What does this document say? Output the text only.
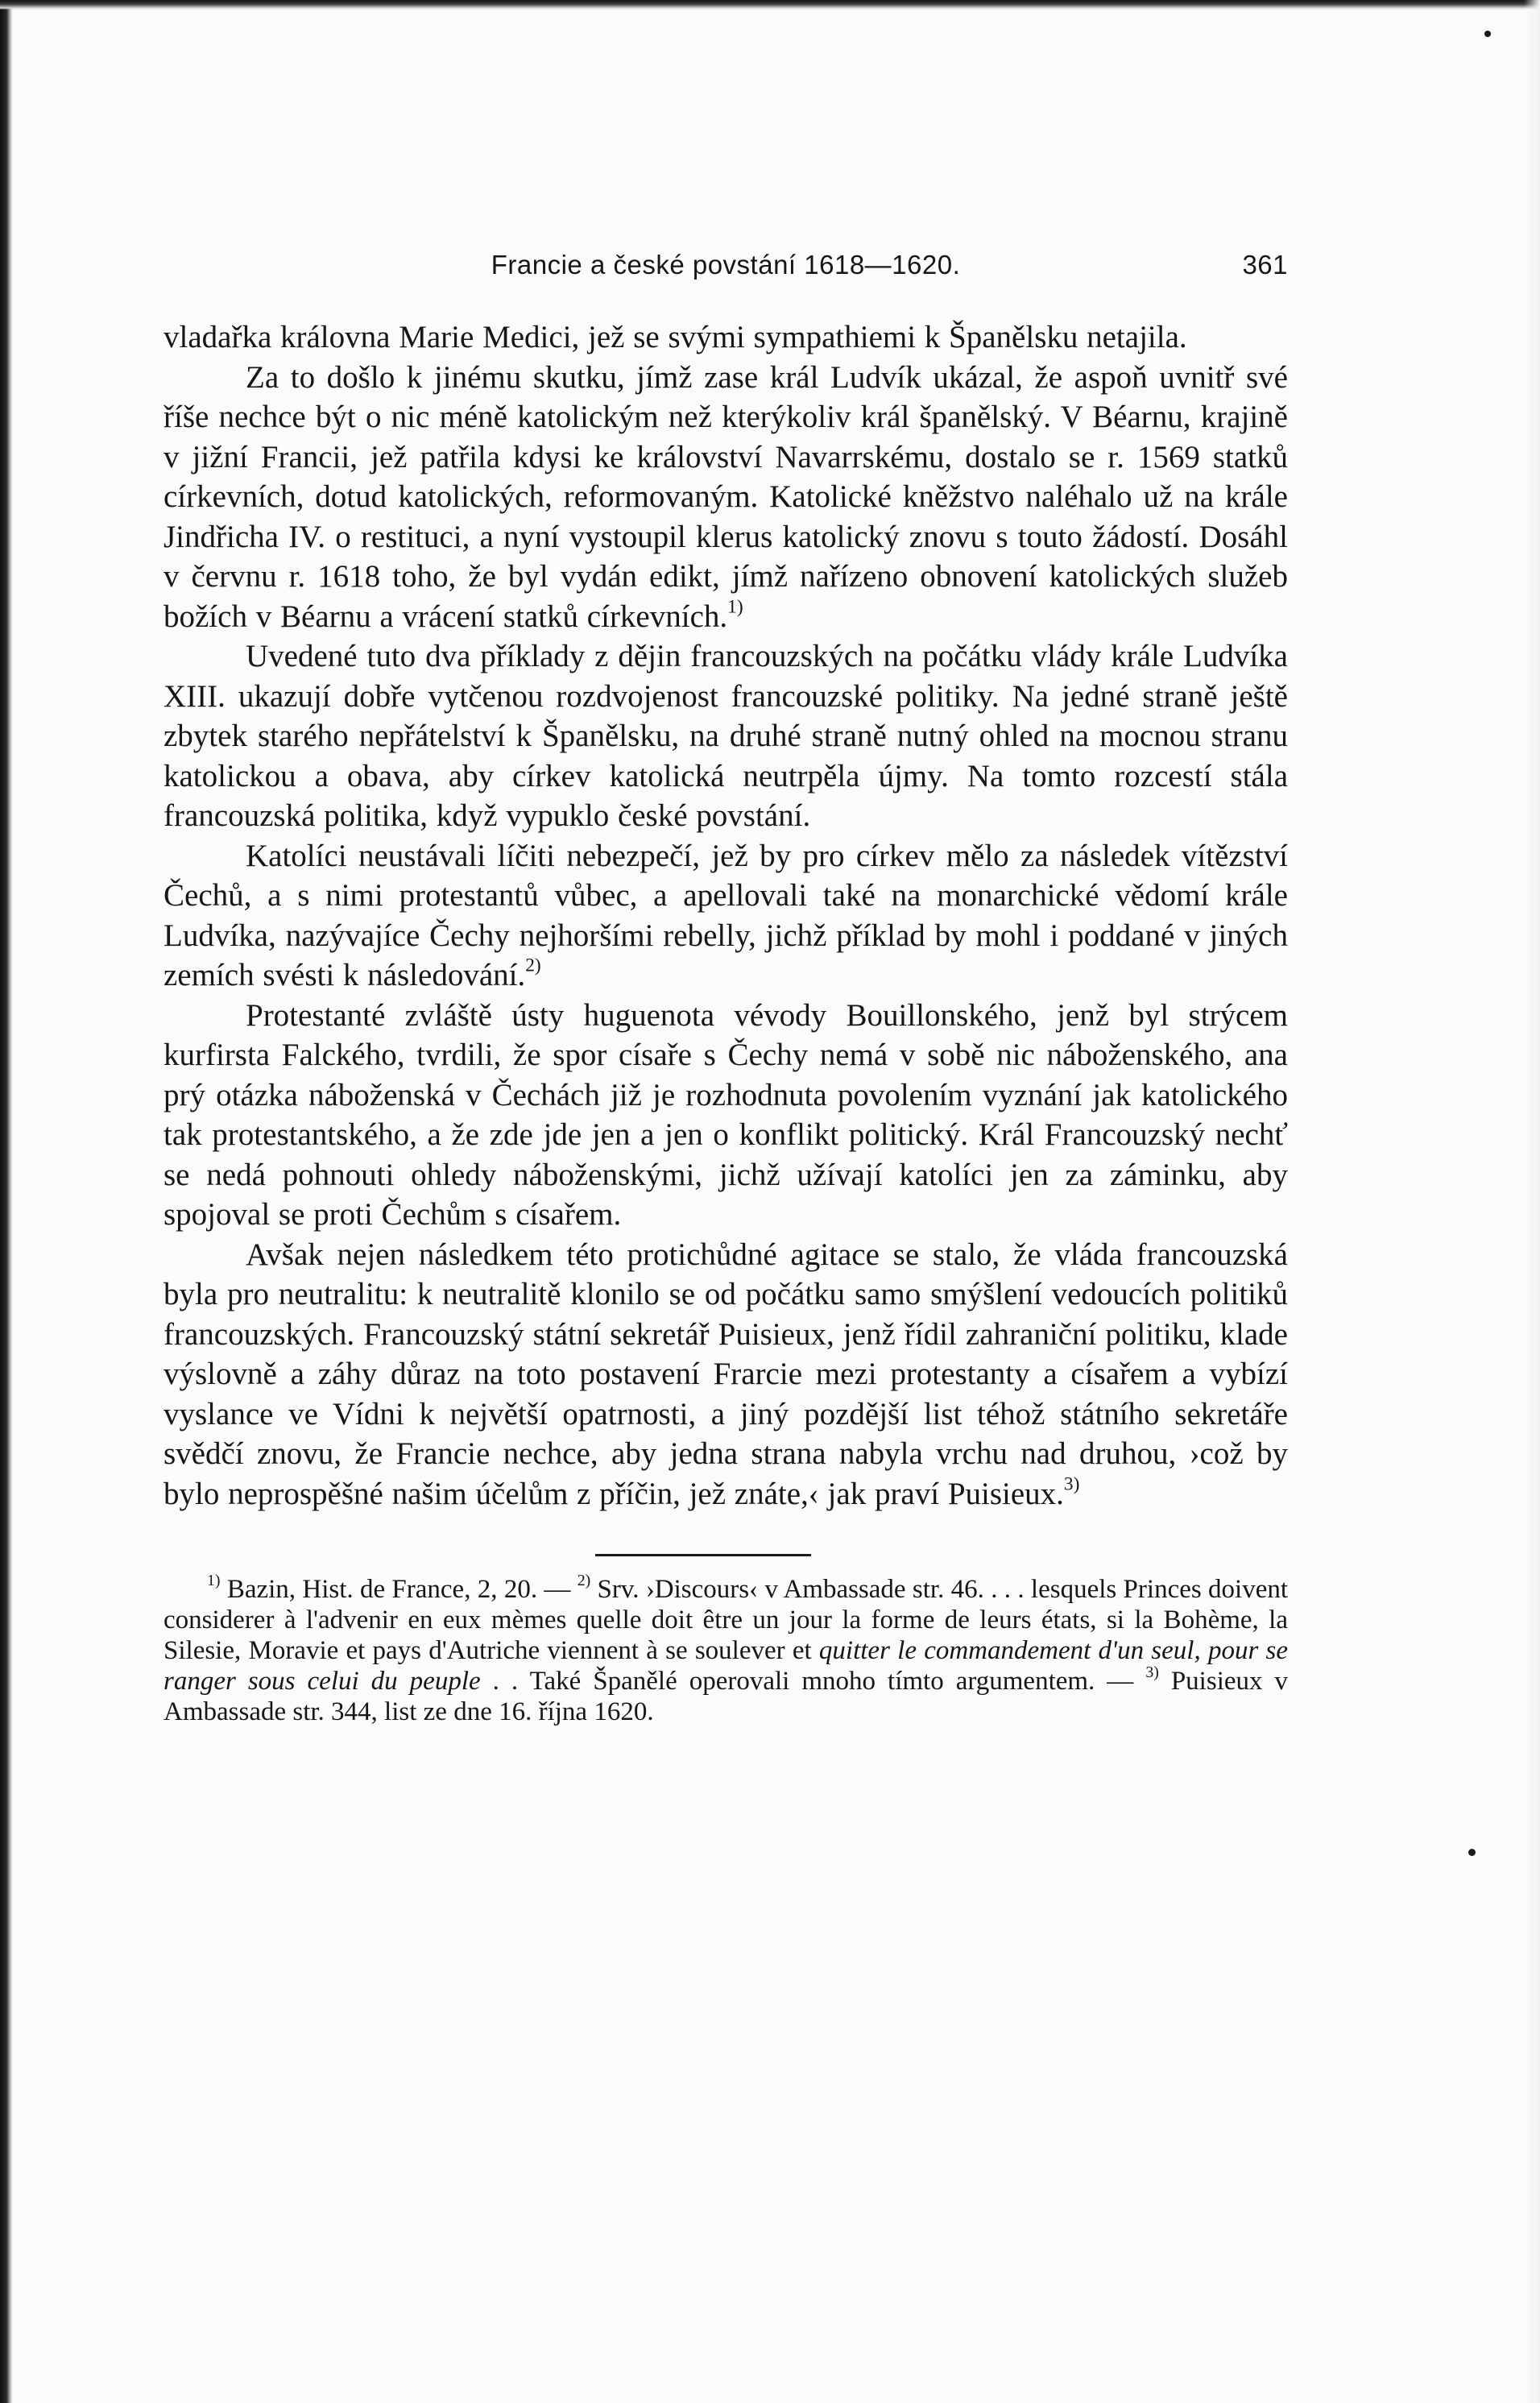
Francie a české povstání 1618—1620.	361

vladařka královna Marie Medici, jež se svými sympathiemi k Španělsku netajila.

Za to došlo k jinému skutku, jímž zase král Ludvík ukázal, že aspoň uvnitř své říše nechce být o nic méně katolickým než kterýkoliv král španělský. V Béarnu, krajině v jižní Francii, jež patřila kdysi ke království Navarrskému, dostalo se r. 1569 statků církevních, dotud katolických, reformovaným. Katolické kněžstvo naléhalo už na krále Jindřicha IV. o restituci, a nyní vystoupil klerus katolický znovu s touto žádostí. Dosáhl v červnu r. 1618 toho, že byl vydán edikt, jímž nařízeno obnovení katolických služeb božích v Béarnu a vrácení statků církevních.$^{1)}$

Uvedené tuto dva příklady z dějin francouzských na počátku vlády krále Ludvíka XIII. ukazují dobře vytčenou rozdvojenost francouzské politiky. Na jedné straně ještě zbytek starého nepřátelství k Španělsku, na druhé straně nutný ohled na mocnou stranu katolickou a obava, aby církev katolická neutrpěla újmy. Na tomto rozcestí stála francouzská politika, když vypuklo české povstání.

Katolíci neustávali líčiti nebezpečí, jež by pro církev mělo za následek vítězství Čechů, a s nimi protestantů vůbec, a apellovali také na monarchické vědomí krále Ludvíka, nazývajíce Čechy nejhoršími rebelly, jichž příklad by mohl i poddané v jiných zemích svésti k následování.$^{2)}$

Protestanté zvláště ústy huguenota vévody Bouillonského, jenž byl strýcem kurfirsta Falckého, tvrdili, že spor císaře s Čechy nemá v sobě nic náboženského, ana prý otázka náboženská v Čechách již je rozhodnuta povolením vyznání jak katolického tak protestantského, a že zde jde jen a jen o konflikt politický. Král Francouzský nechť se nedá pohnouti ohledy náboženskými, jichž užívají katolíci jen za záminku, aby spojoval se proti Čechům s císařem.

Avšak nejen následkem této protichůdné agitace se stalo, že vláda francouzská byla pro neutralitu: k neutralitě klonilo se od počátku samo smýšlení vedoucích politiků francouzských. Francouzský státní sekretář Puisieux, jenž řídil zahraniční politiku, klade výslovně a záhy důraz na toto postavení Frarcie mezi protestanty a císařem a vybízí vyslance ve Vídni k největší opatrnosti, a jiný pozdější list téhož státního sekretáře svědčí znovu, že Francie nechce, aby jedna strana nabyla vrchu nad druhou, ›což by bylo neprospěšné našim účelům z příčin, jež znáte,‹ jak praví Puisieux.$^{3)}$

$^{1)}$ Bazin, Hist. de France, 2, 20. — $^{2)}$ Srv. ›Discours‹ v Ambassade str. 46. . . . lesquels Princes doivent considerer à l'advenir en eux mèmes quelle doit être un jour la forme de leurs états, si la Bohème, la Silesie, Moravie et pays d'Autriche viennent à se soulever et quitter le commandement d'un seul, pour se ranger sous celui du peuple . . Také Španělé operovali mnoho tímto argumentem. — $^{3)}$ Puisieux v Ambassade str. 344, list ze dne 16. října 1620.
